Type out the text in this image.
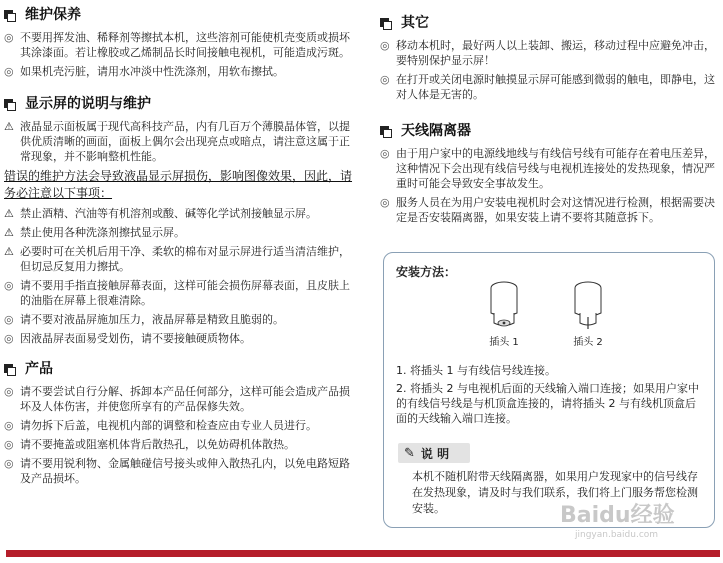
维护保养
◎ 不要用挥发油、稀释剂等擦拭本机，这些溶剂可能使机壳变质或损坏其涂漆面。若让橡胶或乙烯制品长时间接触电视机，可能造成污斑。
◎ 如果机壳污脏，请用水冲淡中性洗涤剂，用软布擦拭。
显示屏的说明与维护
⚠ 液晶显示面板属于现代高科技产品，内有几百万个薄膜晶体管，以提供优质清晰的画面，面板上偶尔会出现亮点或暗点，请注意这属于正常现象，并不影响整机性能。
错误的维护方法会导致液晶显示屏损伤，影响图像效果，因此，请务必注意以下事项：
⚠ 禁止酒精、汽油等有机溶剂或酸、碱等化学试剂接触显示屏。
⚠ 禁止使用各种洗涤剂擦拭显示屏。
⚠ 必要时可在关机后用干净、柔软的棉布对显示屏进行适当清洁维护，但切忌反复用力擦拭。
◎ 请不要用手指直接触屏幕表面，这样可能会损伤屏幕表面，且皮肤上的油脂在屏幕上很难清除。
◎ 请不要对液晶屏施加压力，液晶屏幕是精致且脆弱的。
◎ 因液晶屏表面易受划伤，请不要接触硬质物体。
产品
◎ 请不要尝试自行分解、拆卸本产品任何部分，这样可能会造成产品损坏及人体伤害，并使您所享有的产品保修失效。
◎ 请勿拆下后盖，电视机内部的调整和检查应由专业人员进行。
◎ 请不要掩盖或阻塞机体背后散热孔，以免妨碍机体散热。
◎ 请不要用锐利物、金属触碰信号接头或伸入散热孔内，以免电路短路及产品损坏。
其它
◎ 移动本机时，最好两人以上装卸、搬运，移动过程中应避免冲击，要特别保护显示屏！
◎ 在打开或关闭电源时触摸显示屏可能感到微弱的触电，即静电，这对人体是无害的。
天线隔离器
◎ 由于用户家中的电源线地线与有线信号线有可能存在着电压差异，这种情况下会出现有线信号线与电视机连接处的发热现象，情况严重时可能会导致安全事故发生。
◎ 服务人员在为用户安装电视机时会对这情况进行检测，根据需要决定是否安装隔离器，如果安装上请不要将其随意拆下。
安装方法：
插头 1	插头 2
1. 将插头 1 与有线信号线连接。
2. 将插头 2 与电视机后面的天线输入端口连接；如果用户家中的有线信号线是与机顶盒连接的，请将插头 2 与有线机顶盒后面的天线输入端口连接。
✎ 说 明
本机不随机附带天线隔离器，如果用户发现家中的信号线存在发热现象，请及时与我们联系，我们将上门服务帮您检测安装。	Baidu经验
jingyan.baidu.com
